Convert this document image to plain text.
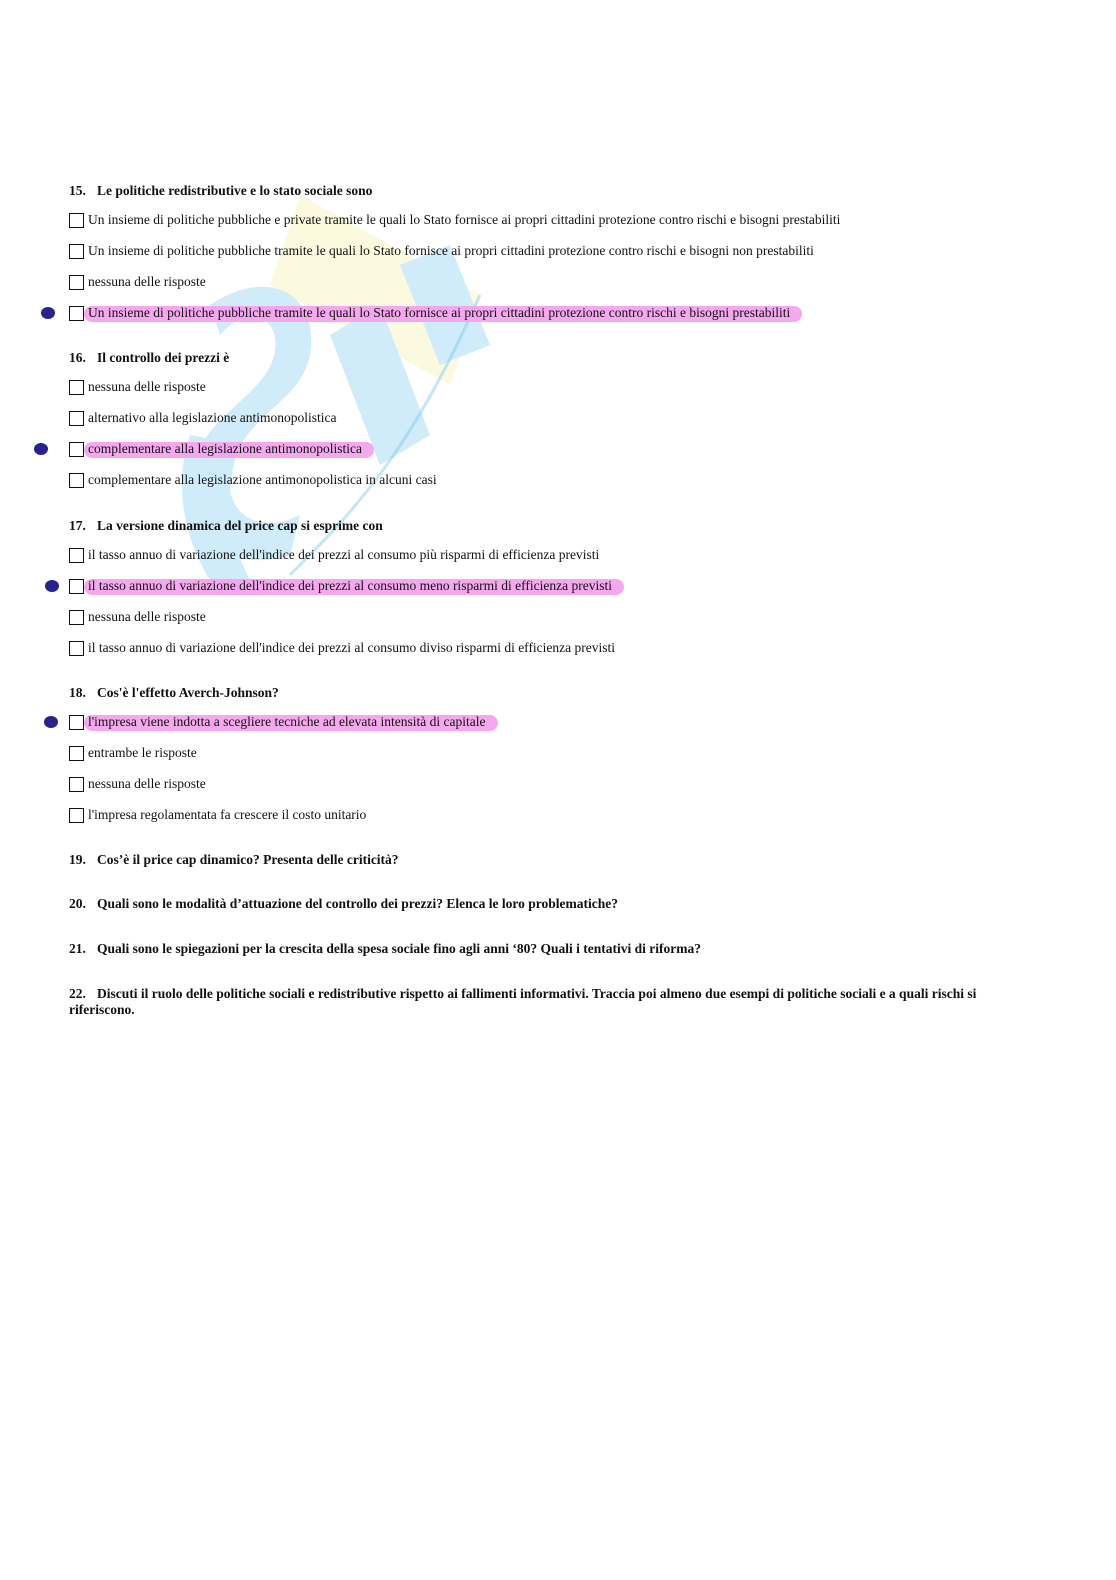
15. Le politiche redistributive e lo stato sociale sono
Un insieme di politiche pubbliche e private tramite le quali lo Stato fornisce ai propri cittadini protezione contro rischi e bisogni prestabiliti
Un insieme di politiche pubbliche tramite le quali lo Stato fornisce ai propri cittadini protezione contro rischi e bisogni non prestabiliti
nessuna delle risposte
Un insieme di politiche pubbliche tramite le quali lo Stato fornisce ai propri cittadini protezione contro rischi e bisogni prestabiliti
16. Il controllo dei prezzi è
nessuna delle risposte
alternativo alla legislazione antimonopolistica
complementare alla legislazione antimonopolistica
complementare alla legislazione antimonopolistica in alcuni casi
17. La versione dinamica del price cap si esprime con
il tasso annuo di variazione dell'indice dei prezzi al consumo più risparmi di efficienza previsti
il tasso annuo di variazione dell'indice dei prezzi al consumo meno risparmi di efficienza previsti
nessuna delle risposte
il tasso annuo di variazione dell'indice dei prezzi al consumo diviso risparmi di efficienza previsti
18. Cos'è l'effetto Averch-Johnson?
l'impresa viene indotta a scegliere tecniche ad elevata intensità di capitale
entrambe le risposte
nessuna delle risposte
l'impresa regolamentata fa crescere il costo unitario
19. Cos’è il price cap dinamico? Presenta delle criticità?
20. Quali sono le modalità d’attuazione del controllo dei prezzi? Elenca le loro problematiche?
21. Quali sono le spiegazioni per la crescita della spesa sociale fino agli anni ‘80? Quali i tentativi di riforma?
22. Discuti il ruolo delle politiche sociali e redistributive rispetto ai fallimenti informativi. Traccia poi almeno due esempi di politiche sociali e a quali rischi si riferiscono.
